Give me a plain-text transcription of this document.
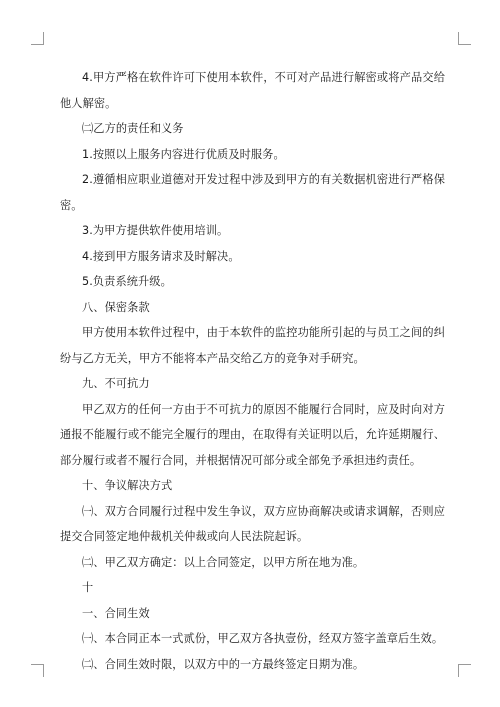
4.甲方严格在软件许可下使用本软件，不可对产品进行解密或将产品交给他人解密。

㈡乙方的责任和义务

1.按照以上服务内容进行优质及时服务。

2.遵循相应职业道德对开发过程中涉及到甲方的有关数据机密进行严格保密。

3.为甲方提供软件使用培训。

4.接到甲方服务请求及时解决。

5.负责系统升级。

八、保密条款

甲方使用本软件过程中，由于本软件的监控功能所引起的与员工之间的纠纷与乙方无关，甲方不能将本产品交给乙方的竞争对手研究。

九、不可抗力

甲乙双方的任何一方由于不可抗力的原因不能履行合同时，应及时向对方通报不能履行或不能完全履行的理由，在取得有关证明以后，允许延期履行、部分履行或者不履行合同，并根据情况可部分或全部免予承担违约责任。

十、争议解决方式

㈠、双方合同履行过程中发生争议，双方应协商解决或请求调解，否则应提交合同签定地仲裁机关仲裁或向人民法院起诉。

㈡、甲乙双方确定：以上合同签定，以甲方所在地为准。

十

一、合同生效

㈠、本合同正本一式贰份，甲乙双方各执壹份，经双方签字盖章后生效。

㈡、合同生效时限，以双方中的一方最终签定日期为准。
